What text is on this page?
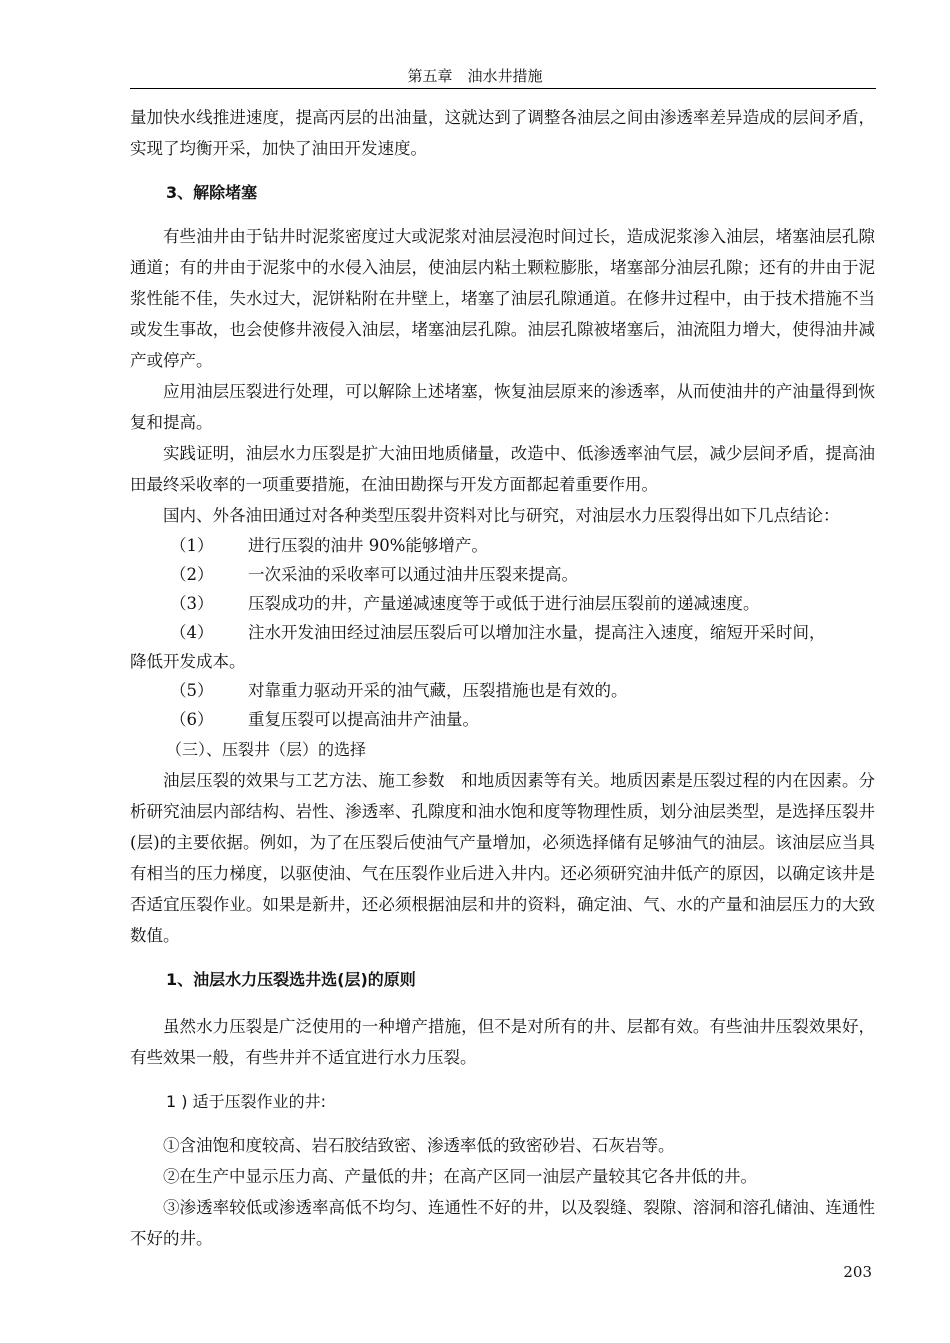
第五章　油水井措施

量加快水线推进速度，提高丙层的出油量，这就达到了调整各油层之间由渗透率差异造成的层间矛盾，实现了均衡开采，加快了油田开发速度。

3、解除堵塞

有些油井由于钻井时泥浆密度过大或泥浆对油层浸泡时间过长，造成泥浆渗入油层，堵塞油层孔隙通道；有的井由于泥浆中的水侵入油层，使油层内粘土颗粒膨胀，堵塞部分油层孔隙；还有的井由于泥浆性能不佳，失水过大，泥饼粘附在井壁上，堵塞了油层孔隙通道。在修井过程中，由于技术措施不当或发生事故，也会使修井液侵入油层，堵塞油层孔隙。油层孔隙被堵塞后，油流阻力增大，使得油井减产或停产。

应用油层压裂进行处理，可以解除上述堵塞，恢复油层原来的渗透率，从而使油井的产油量得到恢复和提高。

实践证明，油层水力压裂是扩大油田地质储量，改造中、低渗透率油气层，减少层间矛盾，提高油田最终采收率的一项重要措施，在油田勘探与开发方面都起着重要作用。

国内、外各油田通过对各种类型压裂井资料对比与研究，对油层水力压裂得出如下几点结论：

（1） 进行压裂的油井 90%能够增产。

（2） 一次采油的采收率可以通过油井压裂来提高。

（3） 压裂成功的井，产量递减速度等于或低于进行油层压裂前的递减速度。

（4） 注水开发油田经过油层压裂后可以增加注水量，提高注入速度，缩短开采时间，

降低开发成本。

（5） 对靠重力驱动开采的油气藏，压裂措施也是有效的。

（6） 重复压裂可以提高油井产油量。

（三）、压裂井（层）的选择

油层压裂的效果与工艺方法、施工参数　和地质因素等有关。地质因素是压裂过程的内在因素。分析研究油层内部结构、岩性、渗透率、孔隙度和油水饱和度等物理性质，划分油层类型，是选择压裂井(层)的主要依据。例如，为了在压裂后使油气产量增加，必须选择储有足够油气的油层。该油层应当具有相当的压力梯度，以驱使油、气在压裂作业后进入井内。还必须研究油井低产的原因，以确定该井是否适宜压裂作业。如果是新井，还必须根据油层和井的资料，确定油、气、水的产量和油层压力的大致数值。

1、油层水力压裂选井选(层)的原则

虽然水力压裂是广泛使用的一种增产措施，但不是对所有的井、层都有效。有些油井压裂效果好，有些效果一般，有些井并不适宜进行水力压裂。

1 ) 适于压裂作业的井:

①含油饱和度较高、岩石胶结致密、渗透率低的致密砂岩、石灰岩等。

②在生产中显示压力高、产量低的井；在高产区同一油层产量较其它各井低的井。

③渗透率较低或渗透率高低不均匀、连通性不好的井，以及裂缝、裂隙、溶洞和溶孔储油、连通性不好的井。

203
